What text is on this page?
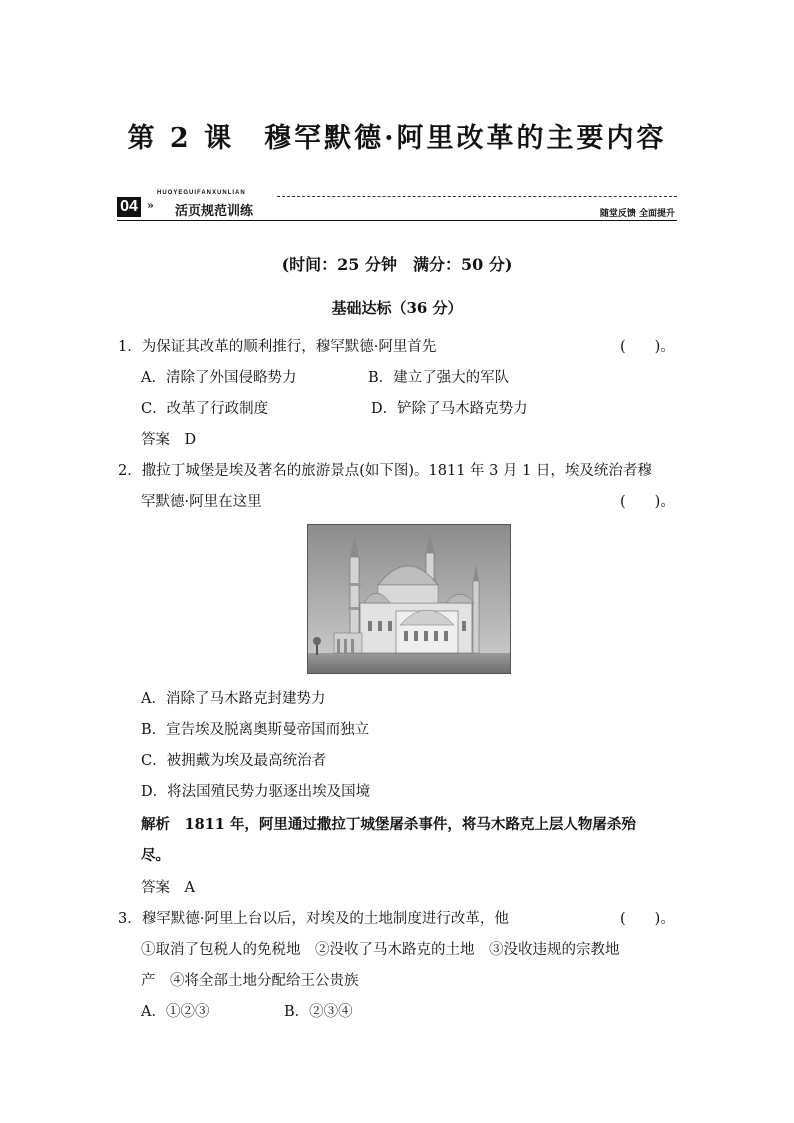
第 2 课　穆罕默德·阿里改革的主要内容
HUOYEGUIFANXUNLIAN
04 » 活页规范训练	随堂反馈 全面提升
(时间：25 分钟　满分：50 分)
基础达标（36 分）
1．为保证其改革的顺利推行，穆罕默德·阿里首先	(　　)。
A．清除了外国侵略势力	B．建立了强大的军队
C．改革了行政制度	D．铲除了马木路克势力
答案　D
2．撒拉丁城堡是埃及著名的旅游景点(如下图)。1811 年 3 月 1 日，埃及统治者穆
罕默德·阿里在这里	(　　)。
A．消除了马木路克封建势力
B．宣告埃及脱离奥斯曼帝国而独立
C．被拥戴为埃及最高统治者
D．将法国殖民势力驱逐出埃及国境
解析　1811 年，阿里通过撒拉丁城堡屠杀事件，将马木路克上层人物屠杀殆
尽。
答案　A
3．穆罕默德·阿里上台以后，对埃及的土地制度进行改革，他	(　　)。
①取消了包税人的免税地　②没收了马木路克的土地　③没收违规的宗教地
产　④将全部土地分配给王公贵族
A．①②③	B．②③④
